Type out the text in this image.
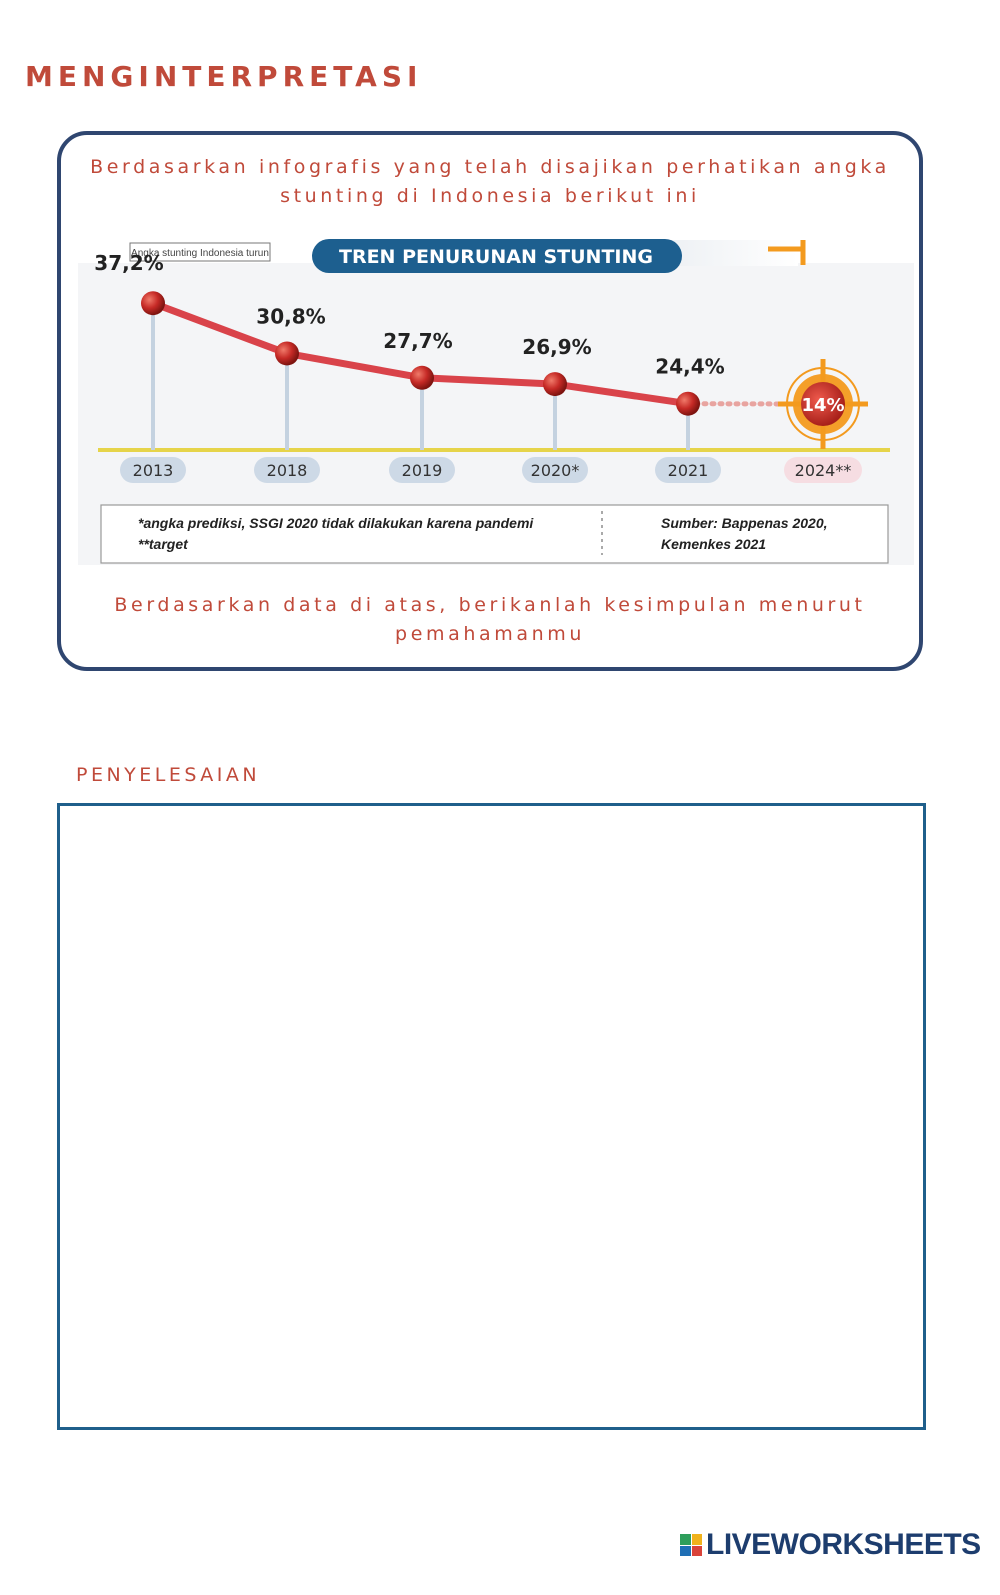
MENGINTERPRETASI

Berdasarkan infografis yang telah disajikan perhatikan angka stunting di Indonesia berikut ini

Angka stunting Indonesia turun	TREN PENURUNAN STUNTING
37,2%
30,8%
27,7%	26,9%
24,4%
14%
2013	2018	2019	2020*	2021	2024**
*angka prediksi, SSGI 2020 tidak dilakukan karena pandemi
**target
Sumber: Bappenas 2020,
Kemenkes 2021

Berdasarkan data di atas, berikanlah kesimpulan menurut pemahamanmu

PENYELESAIAN
LIVEWORKSHEETS
